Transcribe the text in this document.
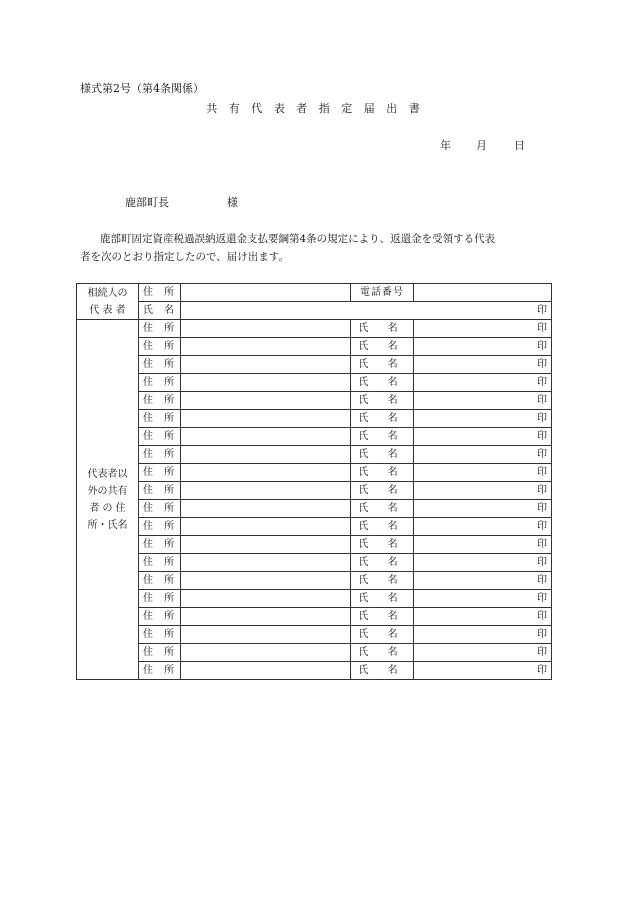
様式第2号（第4条関係）
共 有 代 表 者 指 定 届 出 書
年 月 日
鹿部町長	様
鹿部町固定資産税過誤納返還金支払要綱第4条の規定により、返還金を受領する代表
者を次のとおり指定したので、届け出ます。
相続人の
代 表 者	住 所		電話番号	
	氏 名	印		
代表者以
外の共有
者 の 住
所・氏名	住 所		氏 名	印
	住 所		氏 名	印
	住 所		氏 名	印
	住 所		氏 名	印
	住 所		氏 名	印
	住 所		氏 名	印
	住 所		氏 名	印
	住 所		氏 名	印
	住 所		氏 名	印
	住 所		氏 名	印
	住 所		氏 名	印
	住 所		氏 名	印
	住 所		氏 名	印
	住 所		氏 名	印
	住 所		氏 名	印
	住 所		氏 名	印
	住 所		氏 名	印
	住 所		氏 名	印
	住 所		氏 名	印
	住 所		氏 名	印
